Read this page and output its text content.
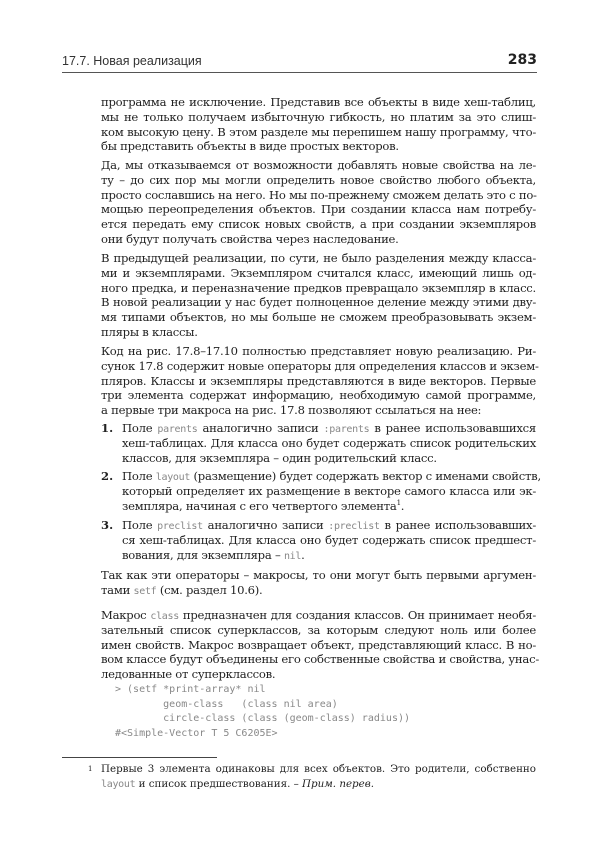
17.7. Новая реализация	283
программа не исключение. Представив все объекты в виде хеш-таблиц,
мы не только получаем избыточную гибкость, но платим за это слиш-
ком высокую цену. В этом разделе мы перепишем нашу программу, что-
бы представить объекты в виде простых векторов.
Да, мы отказываемся от возможности добавлять новые свойства на ле-
ту – до сих пор мы могли определить новое свойство любого объекта,
просто сославшись на него. Но мы по-прежнему сможем делать это с по-
мощью переопределения объектов. При создании класса нам потребу-
ется передать ему список новых свойств, а при создании экземпляров
они будут получать свойства через наследование.
В предыдущей реализации, по сути, не было разделения между класса-
ми и экземплярами. Экземпляром считался класс, имеющий лишь од-
ного предка, и переназначение предков превращало экземпляр в класс.
В новой реализации у нас будет полноценное деление между этими дву-
мя типами объектов, но мы больше не сможем преобразовывать экзем-
пляры в классы.
Код на рис. 17.8–17.10 полностью представляет новую реализацию. Ри-
сунок 17.8 содержит новые операторы для определения классов и экзем-
пляров. Классы и экземпляры представляются в виде векторов. Первые
три элемента содержат информацию, необходимую самой программе,
а первые три макроса на рис. 17.8 позволяют ссылаться на нее:
Так как эти операторы – макросы, то они могут быть первыми аргумен-
тами setf (см. раздел 10.6).
Макрос class предназначен для создания классов. Он принимает необя-
зательный список суперклассов, за которым следуют ноль или более
имен свойств. Макрос возвращает объект, представляющий класс. В но-
вом классе будут объединены его собственные свойства и свойства, унас-
ледованные от суперклассов.
1. Поле parents аналогично записи :parents в ранее использовавшихся
хеш-таблицах. Для класса оно будет содержать список родительских
классов, для экземпляра – один родительский класс.
2. Поле layout (размещение) будет содержать вектор с именами свойств,
который определяет их размещение в векторе самого класса или эк-
земпляра, начиная с его четвертого элемента$^1$.
3. Поле preclist аналогично записи :preclist в ранее использовавших-
ся хеш-таблицах. Для класса оно будет содержать список предшест-
вования, для экземпляра – nil.
> (setf *print-array* nil
geom-class   (class nil area)
circle-class (class (geom-class) radius))
#<Simple-Vector T 5 C6205E>
1 Первые 3 элемента одинаковы для всех объектов. Это родители, собственно
layout и список предшествования. – Прим. перев.
